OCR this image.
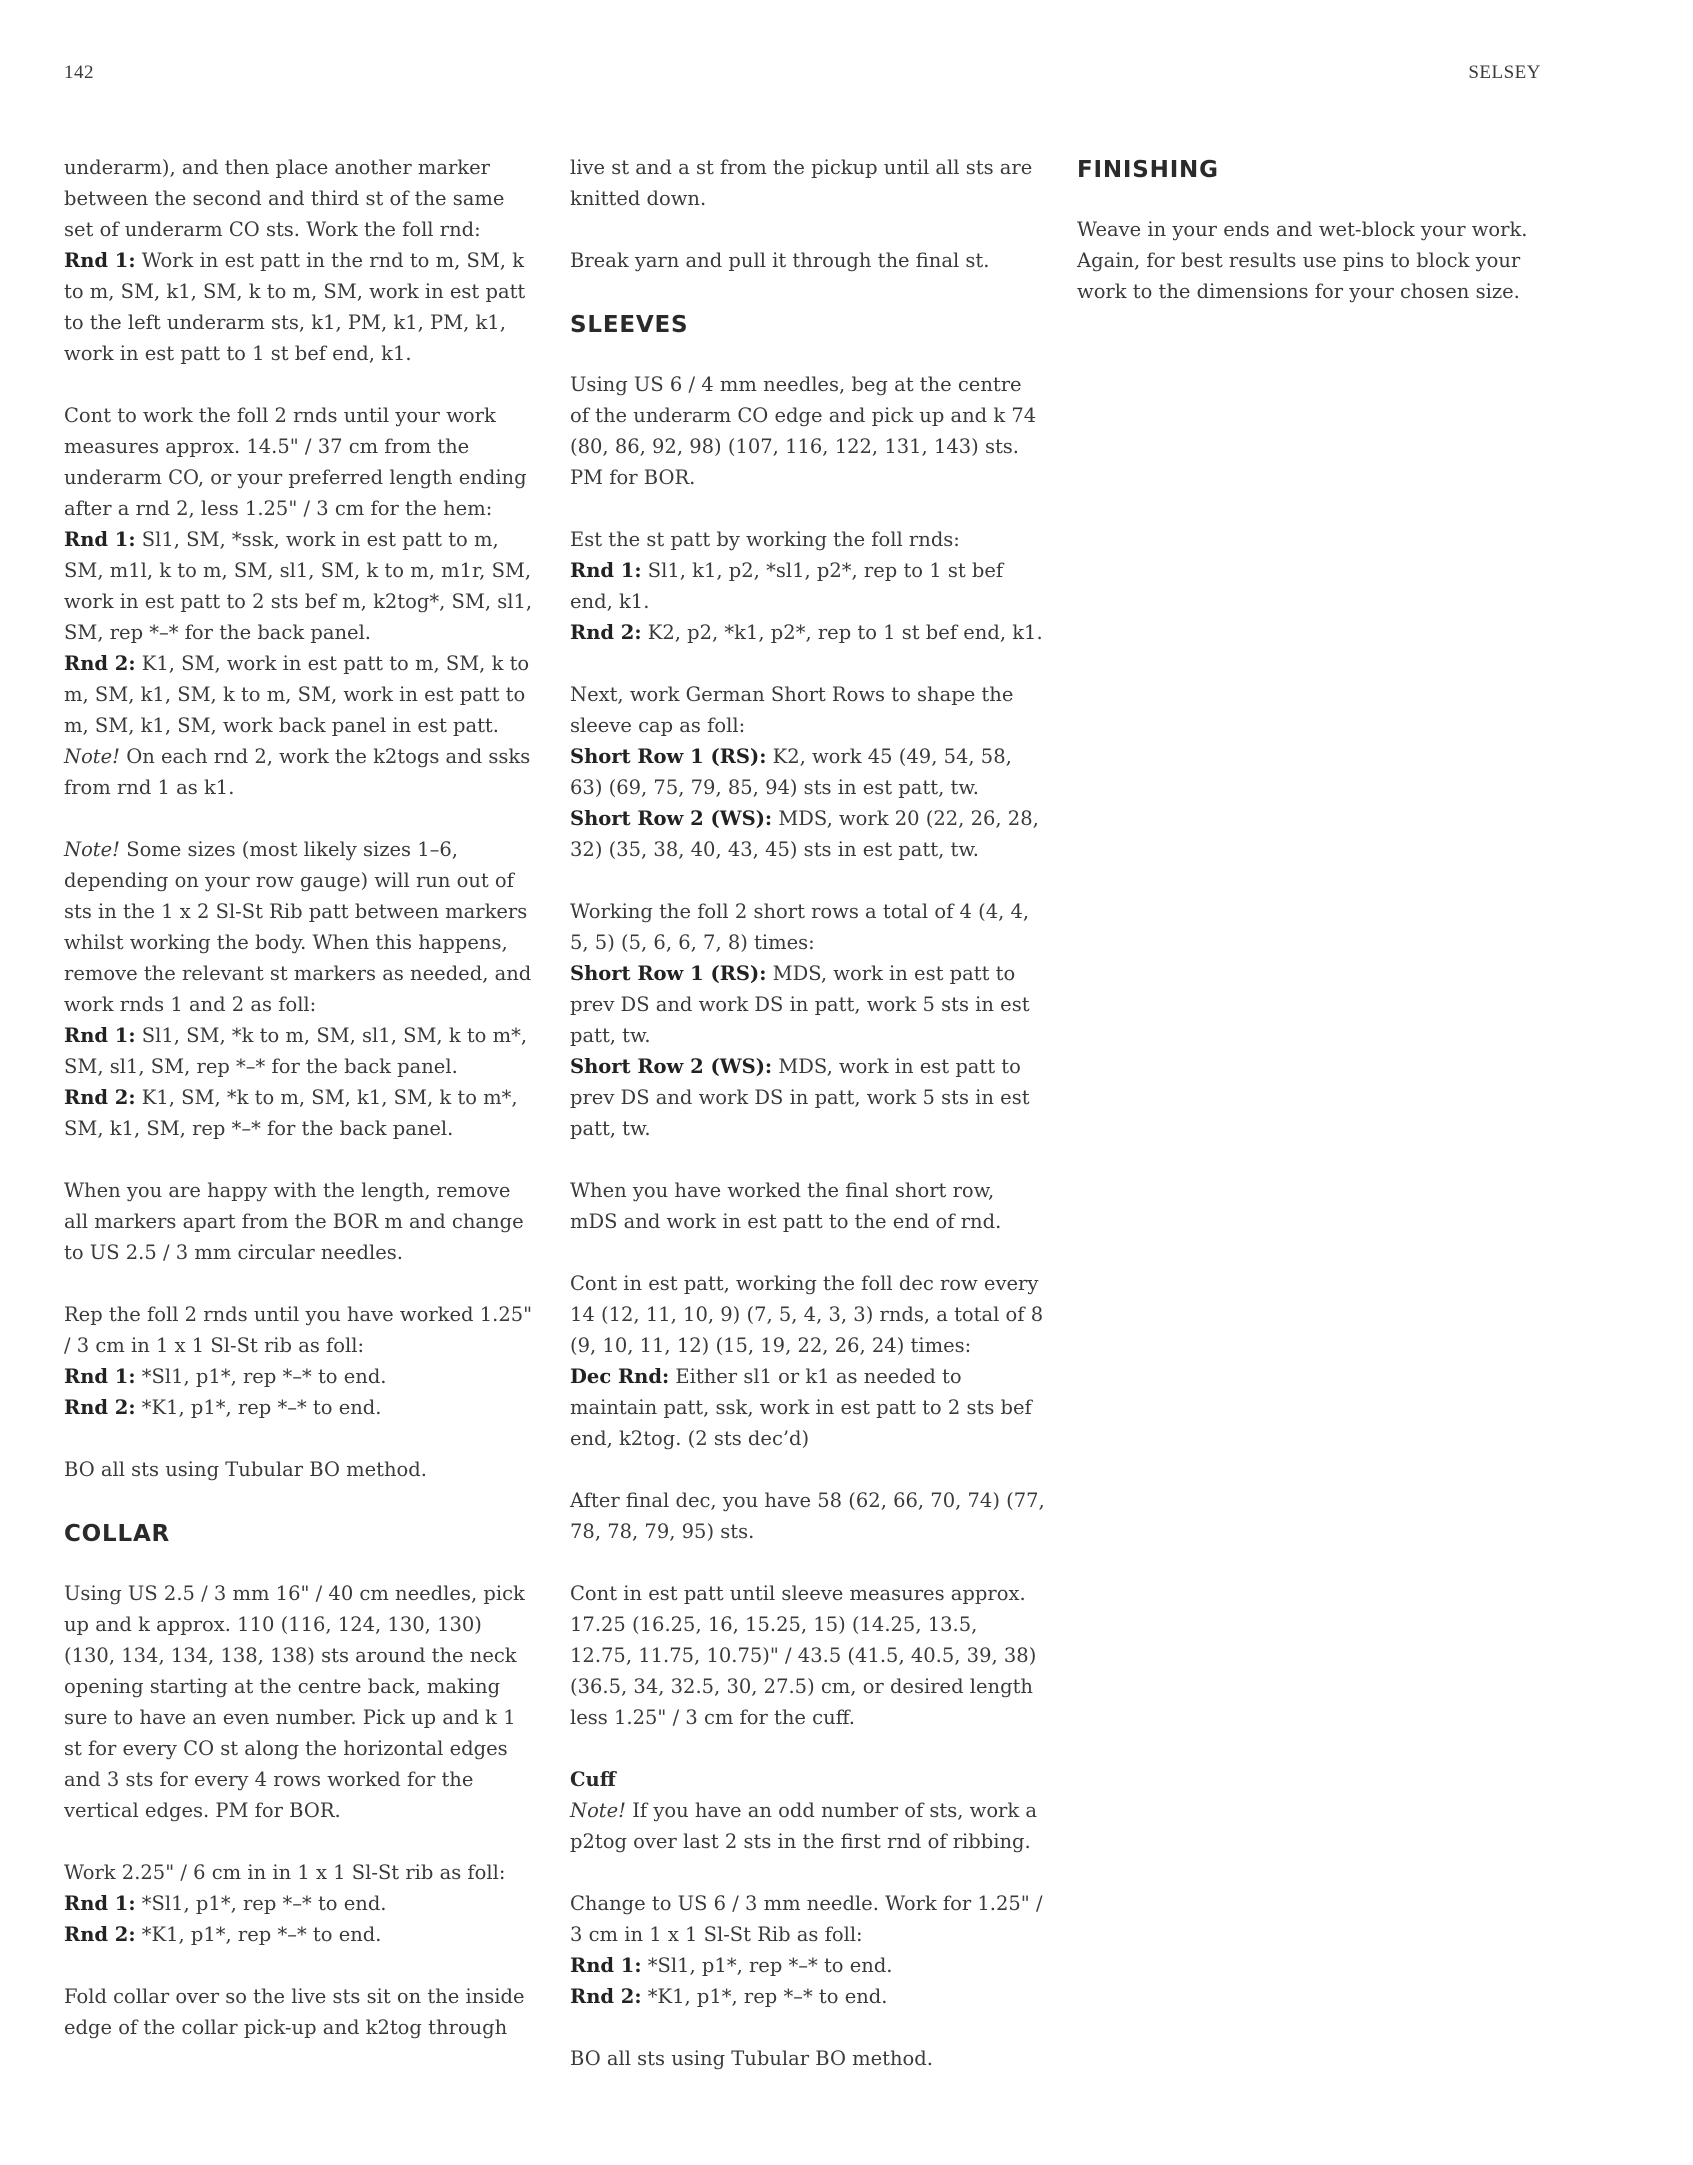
142	SELSEY

underarm), and then place another marker between the second and third st of the same set of underarm CO sts. Work the foll rnd:
Rnd 1: Work in est patt in the rnd to m, SM, k to m, SM, k1, SM, k to m, SM, work in est patt to the left underarm sts, k1, PM, k1, PM, k1, work in est patt to 1 st bef end, k1.

Cont to work the foll 2 rnds until your work measures approx. 14.5" / 37 cm from the underarm CO, or your preferred length ending after a rnd 2, less 1.25" / 3 cm for the hem:
Rnd 1: Sl1, SM, *ssk, work in est patt to m, SM, m1l, k to m, SM, sl1, SM, k to m, m1r, SM, work in est patt to 2 sts bef m, k2tog*, SM, sl1, SM, rep *–* for the back panel.
Rnd 2: K1, SM, work in est patt to m, SM, k to m, SM, k1, SM, k to m, SM, work in est patt to m, SM, k1, SM, work back panel in est patt.
Note! On each rnd 2, work the k2togs and ssks from rnd 1 as k1.

Note! Some sizes (most likely sizes 1–6, depending on your row gauge) will run out of sts in the 1 x 2 Sl-St Rib patt between markers whilst working the body. When this happens, remove the relevant st markers as needed, and work rnds 1 and 2 as foll:
Rnd 1: Sl1, SM, *k to m, SM, sl1, SM, k to m*, SM, sl1, SM, rep *–* for the back panel.
Rnd 2: K1, SM, *k to m, SM, k1, SM, k to m*, SM, k1, SM, rep *–* for the back panel.

When you are happy with the length, remove all markers apart from the BOR m and change to US 2.5 / 3 mm circular needles.

Rep the foll 2 rnds until you have worked 1.25" / 3 cm in 1 x 1 Sl-St rib as foll:
Rnd 1: *Sl1, p1*, rep *–* to end.
Rnd 2: *K1, p1*, rep *–* to end.

BO all sts using Tubular BO method.

COLLAR

Using US 2.5 / 3 mm 16" / 40 cm needles, pick up and k approx. 110 (116, 124, 130, 130) (130, 134, 134, 138, 138) sts around the neck opening starting at the centre back, making sure to have an even number. Pick up and k 1 st for every CO st along the horizontal edges and 3 sts for every 4 rows worked for the vertical edges. PM for BOR.

Work 2.25" / 6 cm in in 1 x 1 Sl-St rib as foll:
Rnd 1: *Sl1, p1*, rep *–* to end.
Rnd 2: *K1, p1*, rep *–* to end.

Fold collar over so the live sts sit on the inside edge of the collar pick-up and k2tog through

live st and a st from the pickup until all sts are knitted down.

Break yarn and pull it through the final st.

SLEEVES

Using US 6 / 4 mm needles, beg at the centre of the underarm CO edge and pick up and k 74 (80, 86, 92, 98) (107, 116, 122, 131, 143) sts. PM for BOR.

Est the st patt by working the foll rnds:
Rnd 1: Sl1, k1, p2, *sl1, p2*, rep to 1 st bef end, k1.
Rnd 2: K2, p2, *k1, p2*, rep to 1 st bef end, k1.

Next, work German Short Rows to shape the sleeve cap as foll:
Short Row 1 (RS): K2, work 45 (49, 54, 58, 63) (69, 75, 79, 85, 94) sts in est patt, tw.
Short Row 2 (WS): MDS, work 20 (22, 26, 28, 32) (35, 38, 40, 43, 45) sts in est patt, tw.

Working the foll 2 short rows a total of 4 (4, 4, 5, 5) (5, 6, 6, 7, 8) times:
Short Row 1 (RS): MDS, work in est patt to prev DS and work DS in patt, work 5 sts in est patt, tw.
Short Row 2 (WS): MDS, work in est patt to prev DS and work DS in patt, work 5 sts in est patt, tw.

When you have worked the final short row, mDS and work in est patt to the end of rnd.

Cont in est patt, working the foll dec row every 14 (12, 11, 10, 9) (7, 5, 4, 3, 3) rnds, a total of 8 (9, 10, 11, 12) (15, 19, 22, 26, 24) times:
Dec Rnd: Either sl1 or k1 as needed to maintain patt, ssk, work in est patt to 2 sts bef end, k2tog. (2 sts dec’d)

After final dec, you have 58 (62, 66, 70, 74) (77, 78, 78, 79, 95) sts.

Cont in est patt until sleeve measures approx. 17.25 (16.25, 16, 15.25, 15) (14.25, 13.5, 12.75, 11.75, 10.75)" / 43.5 (41.5, 40.5, 39, 38) (36.5, 34, 32.5, 30, 27.5) cm, or desired length less 1.25" / 3 cm for the cuff.

Cuff

Note! If you have an odd number of sts, work a p2tog over last 2 sts in the first rnd of ribbing.

Change to US 6 / 3 mm needle. Work for 1.25" / 3 cm in 1 x 1 Sl-St Rib as foll:
Rnd 1: *Sl1, p1*, rep *–* to end.
Rnd 2: *K1, p1*, rep *–* to end.

BO all sts using Tubular BO method.

FINISHING

Weave in your ends and wet-block your work. Again, for best results use pins to block your work to the dimensions for your chosen size.
